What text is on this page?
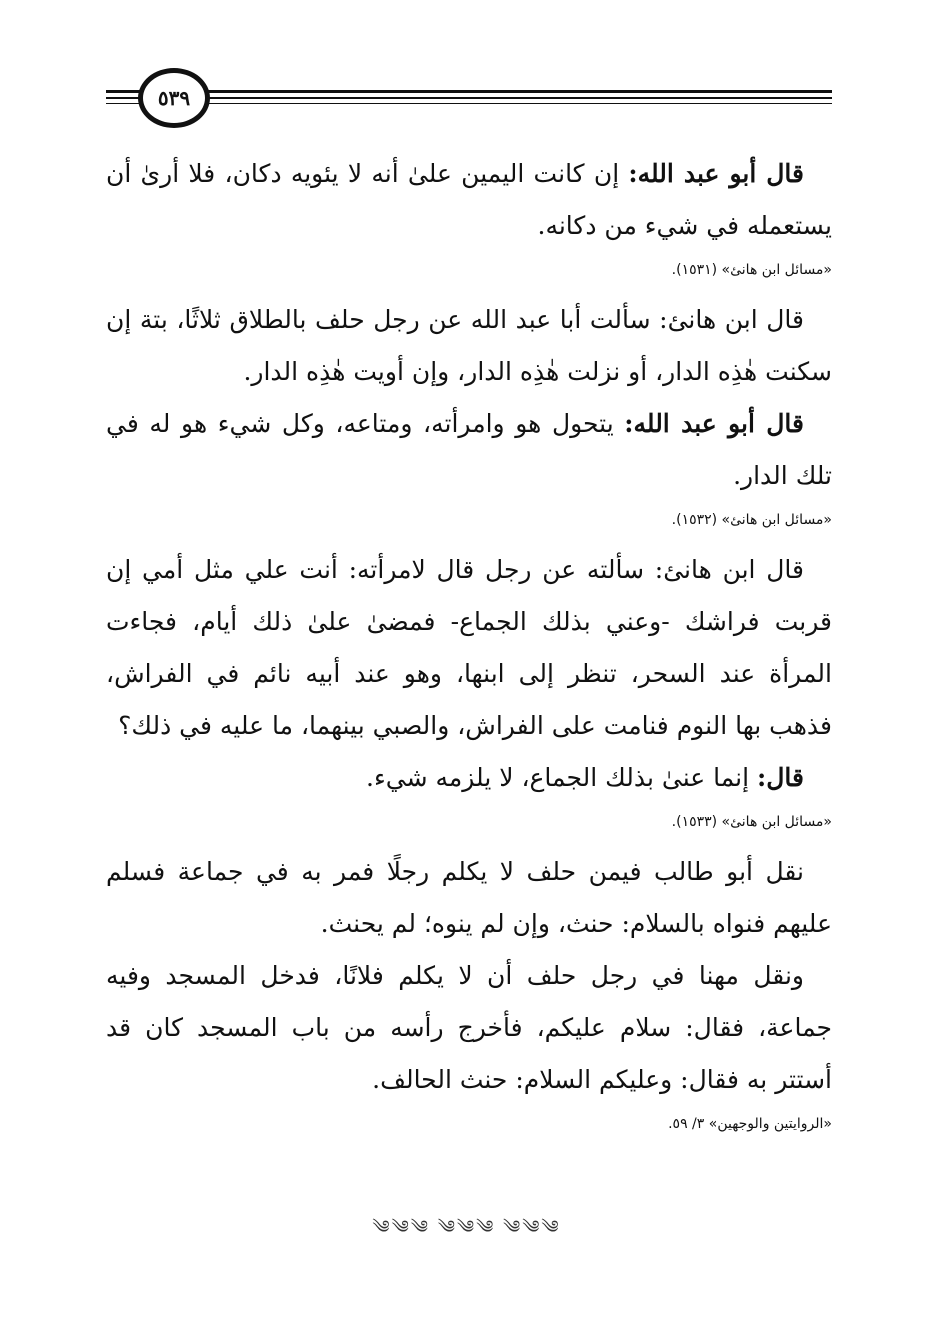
٥٣٩

قال أبو عبد الله: إن كانت اليمين علىٰ أنه لا يئويه دكان، فلا أرىٰ أن يستعمله في شيء من دكانه.

«مسائل ابن هانئ» (١٥٣١).

قال ابن هانئ: سألت أبا عبد الله عن رجل حلف بالطلاق ثلاثًا، بتة إن سكنت هٰذِه الدار، أو نزلت هٰذِه الدار، وإن أويت هٰذِه الدار.

قال أبو عبد الله: يتحول هو وامرأته، ومتاعه، وكل شيء هو له في تلك الدار.

«مسائل ابن هانئ» (١٥٣٢).

قال ابن هانئ: سألته عن رجل قال لامرأته: أنت علي مثل أمي إن قربت فراشك -وعني بذلك الجماع- فمضىٰ علىٰ ذلك أيام، فجاءت المرأة عند السحر، تنظر إلى ابنها، وهو عند أبيه نائم في الفراش، فذهب بها النوم فنامت على الفراش، والصبي بينهما، ما عليه في ذلك؟

قال: إنما عنىٰ بذلك الجماع، لا يلزمه شيء.

«مسائل ابن هانئ» (١٥٣٣).

نقل أبو طالب فيمن حلف لا يكلم رجلًا فمر به في جماعة فسلم عليهم فنواه بالسلام: حنث، وإن لم ينوه؛ لم يحنث.

ونقل مهنا في رجل حلف أن لا يكلم فلانًا، فدخل المسجد وفيه جماعة، فقال: سلام عليكم، فأخرج رأسه من باب المسجد كان قد أستتر به فقال: وعليكم السلام: حنث الحالف.

«الروايتين والوجهين» ٣/ ٥٩.
༄༄༄ ༄༄༄ ༄༄༄
